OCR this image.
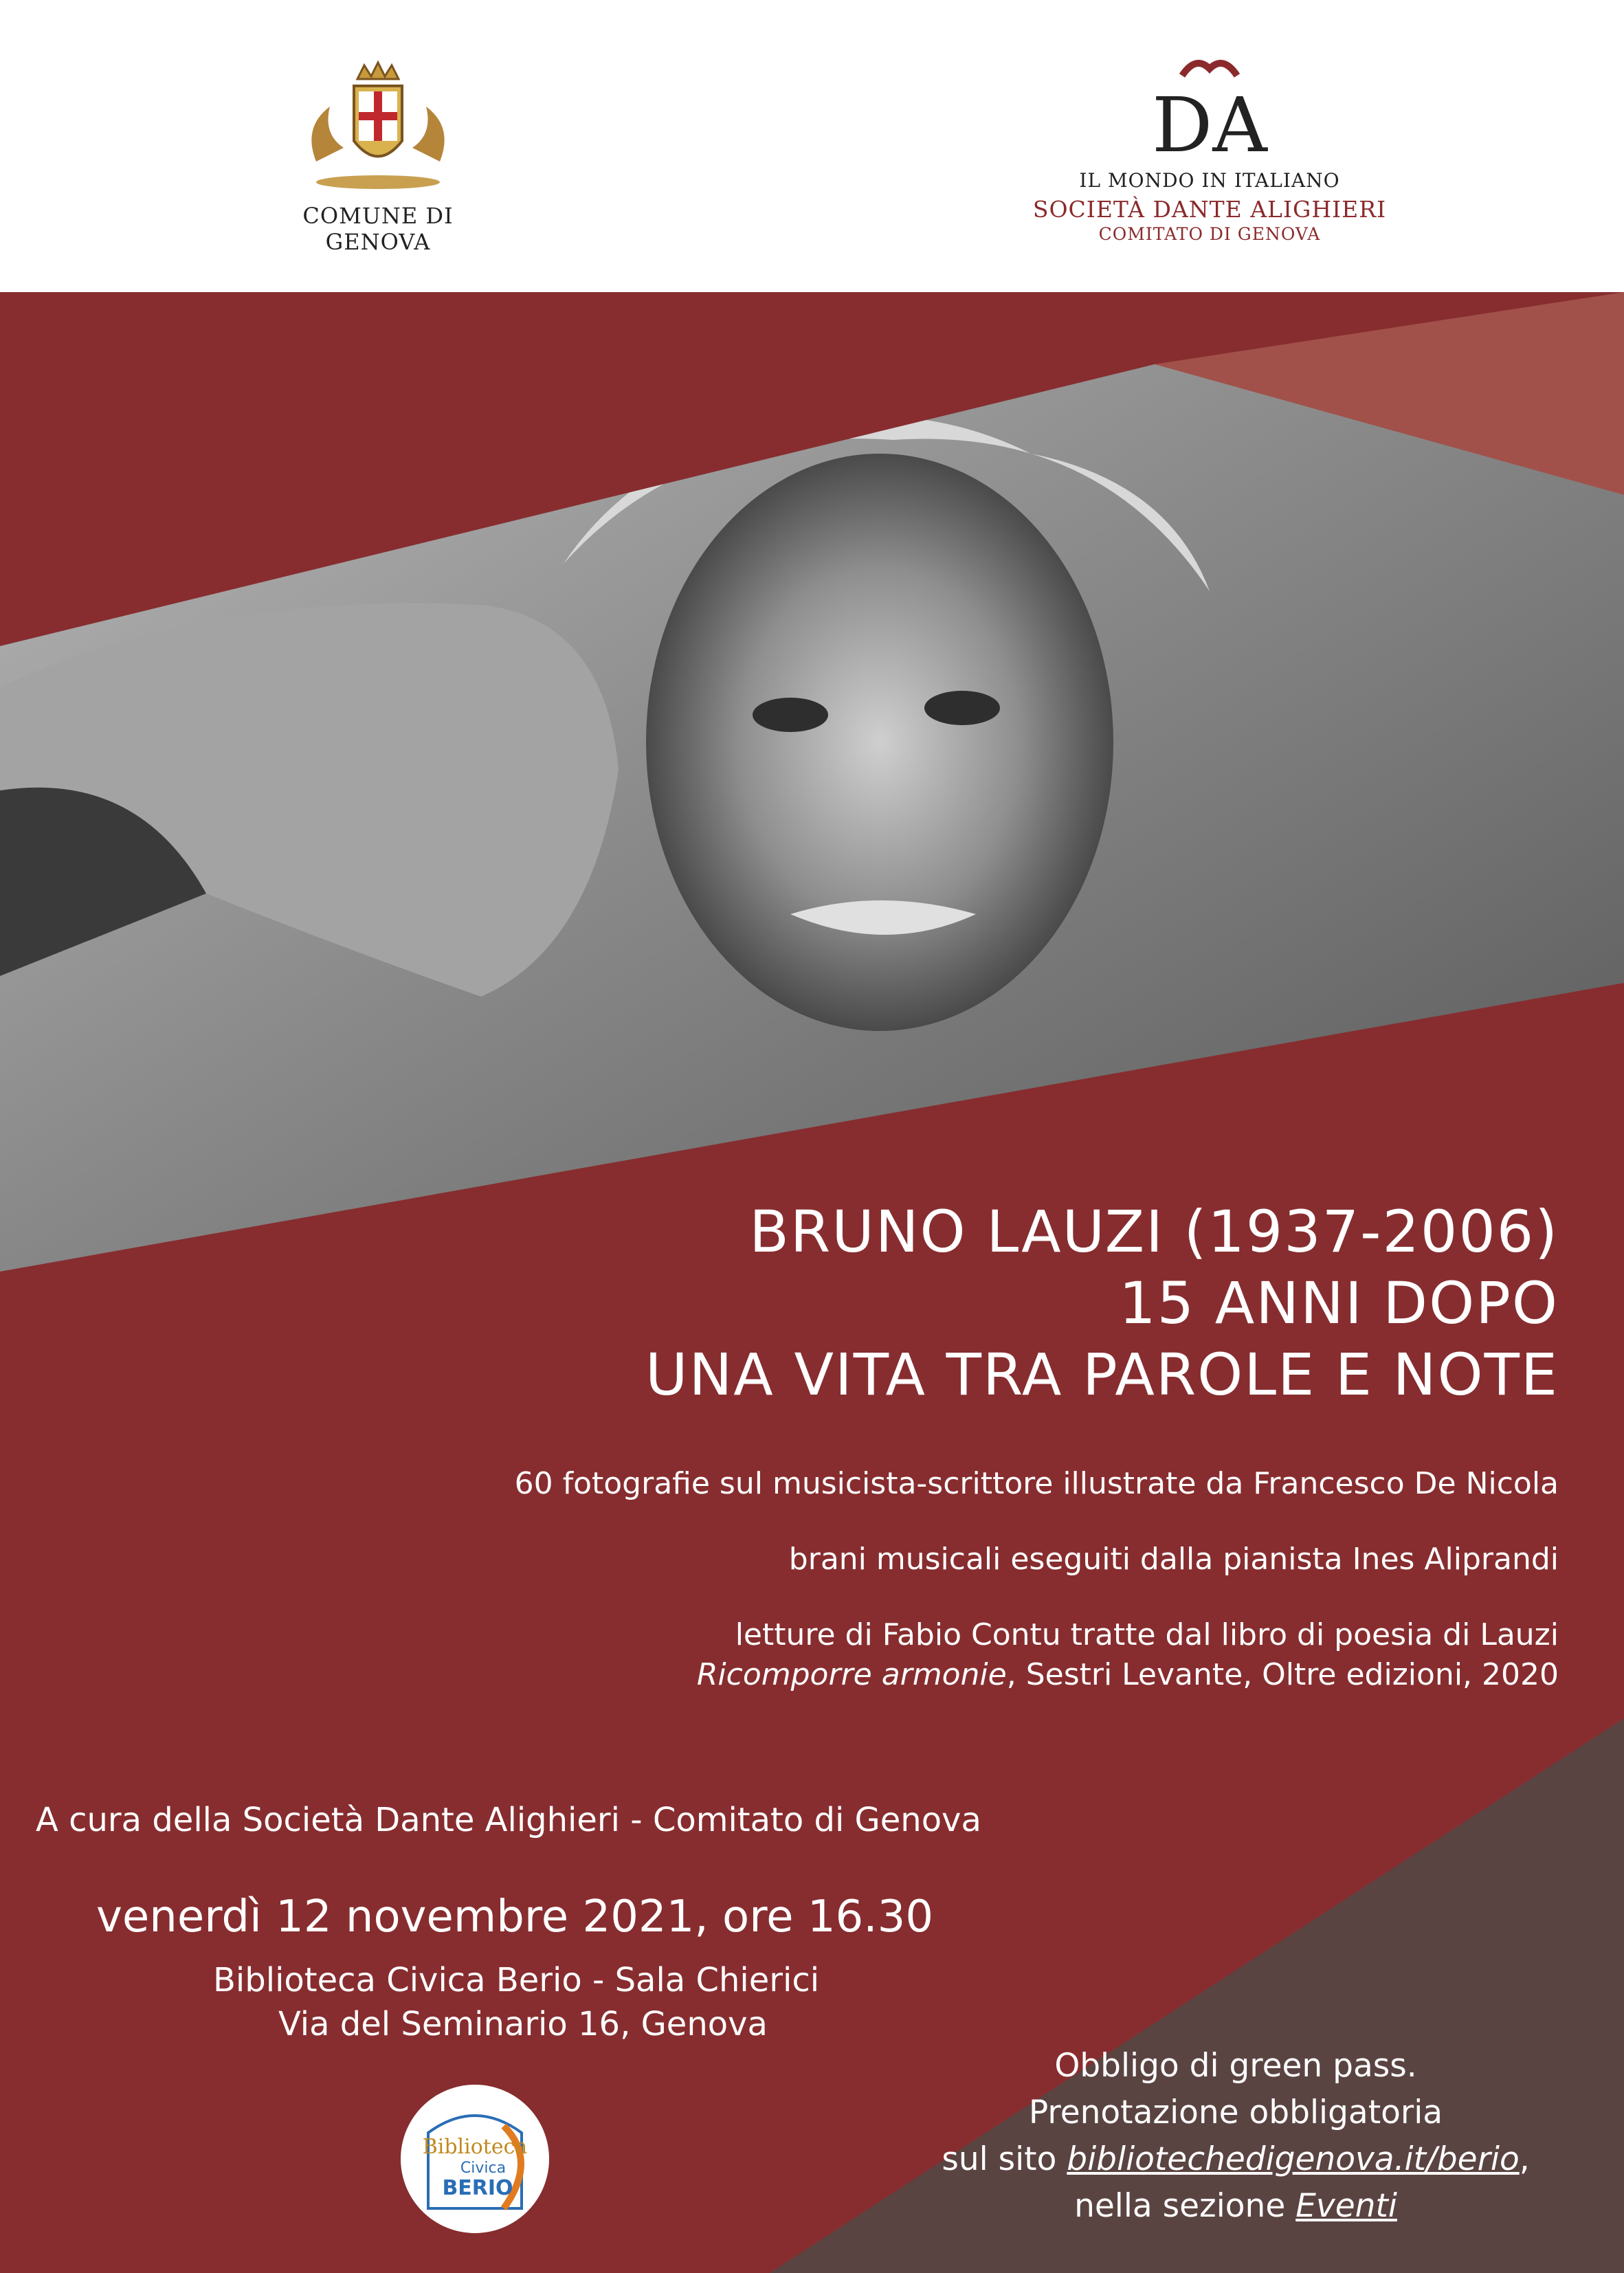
COMUNE DI GENOVA
DA
IL MONDO IN ITALIANO
SOCIETÀ DANTE ALIGHIERI
COMITATO DI GENOVA
BRUNO LAUZI (1937-2006)
15 ANNI DOPO
UNA VITA TRA PAROLE E NOTE

60 fotografie sul musicista-scrittore illustrate da Francesco De Nicola

brani musicali eseguiti dalla pianista Ines Aliprandi

letture di Fabio Contu tratte dal libro di poesia di Lauzi
Ricomporre armonie, Sestri Levante, Oltre edizioni, 2020

A cura della Società Dante Alighieri - Comitato di Genova

venerdì 12 novembre 2021, ore 16.30

Biblioteca Civica Berio - Sala Chierici

Via del Seminario 16, Genova

Obbligo di green pass.
Prenotazione obbligatoria
sul sito bibliotechedigenova.it/berio,
nella sezione Eventi

Biblioteca
Civica
BERIO
